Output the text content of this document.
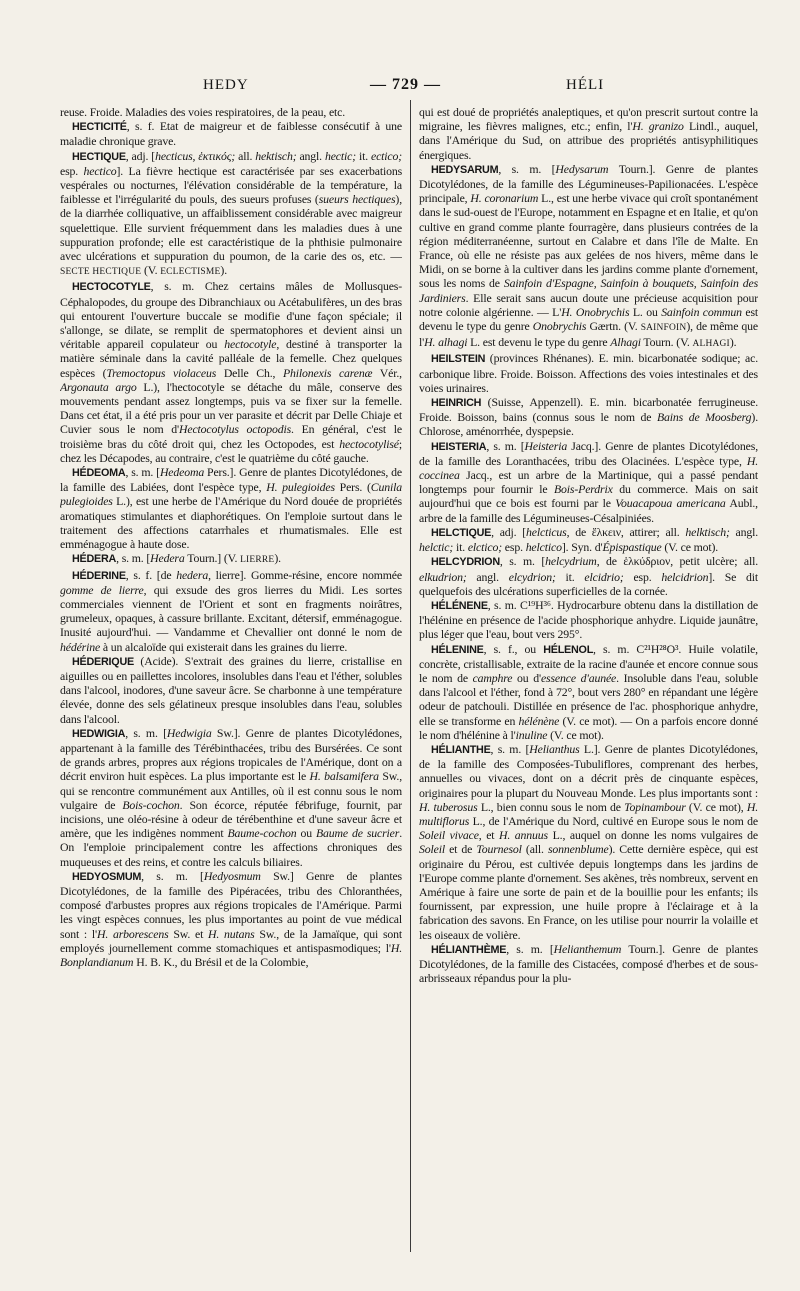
HEDY	— 729 —	HÉLI

reuse. Froide. Maladies des voies respiratoires, de la peau, etc.

HECTICITÉ, s. f. Etat de maigreur et de faiblesse consécutif à une maladie chronique grave.

HECTIQUE, adj. [hecticus, ἑκτικός; all. hektisch; angl. hectic; it. ectico; esp. hectico]. La fièvre hectique est caractérisée par ses exacerbations vespérales ou nocturnes, l'élévation considérable de la température, la faiblesse et l'irrégularité du pouls, des sueurs profuses (sueurs hectiques), de la diarrhée colliquative, un affaiblissement considérable avec maigreur squelettique. Elle survient fréquemment dans les maladies dues à une suppuration profonde; elle est caractéristique de la phthisie pulmonaire avec ulcérations et suppuration du poumon, de la carie des os, etc. — SECTE HECTIQUE (V. ECLECTISME).

HECTOCOTYLE, s. m. Chez certains mâles de Mollusques-Céphalopodes, du groupe des Dibranchiaux ou Acétabulifères, un des bras qui entourent l'ouverture buccale se modifie d'une façon spéciale; il s'allonge, se dilate, se remplit de spermatophores et devient ainsi un véritable appareil copulateur ou hectocotyle, destiné à transporter la matière séminale dans la cavité palléale de la femelle. Chez quelques espèces (Tremoctopus violaceus Delle Ch., Philonexis carenæ Vér., Argonauta argo L.), l'hectocotyle se détache du mâle, conserve des mouvements pendant assez longtemps, puis va se fixer sur la femelle. Dans cet état, il a été pris pour un ver parasite et décrit par Delle Chiaje et Cuvier sous le nom d'Hectocotylus octopodis. En général, c'est le troisième bras du côté droit qui, chez les Octopodes, est hectocotylisé; chez les Décapodes, au contraire, c'est le quatrième du côté gauche.

HÉDEOMA, s. m. [Hedeoma Pers.]. Genre de plantes Dicotylédones, de la famille des Labiées, dont l'espèce type, H. pulegioides Pers. (Cunila pulegioides L.), est une herbe de l'Amérique du Nord douée de propriétés aromatiques stimulantes et diaphorétiques. On l'emploie surtout dans le traitement des affections catarrhales et rhumatismales. Elle est emménagogue à haute dose.

HÉDERA, s. m. [Hedera Tourn.] (V. LIERRE).

HÉDERINE, s. f. [de hedera, lierre]. Gomme-résine, encore nommée gomme de lierre, qui exsude des gros lierres du Midi. Les sortes commerciales viennent de l'Orient et sont en fragments noirâtres, grumeleux, opaques, à cassure brillante. Excitant, détersif, emménagogue. Inusité aujourd'hui. — Vandamme et Chevallier ont donné le nom de hédérine à un alcaloïde qui existerait dans les graines du lierre.

HÉDERIQUE (Acide). S'extrait des graines du lierre, cristallise en aiguilles ou en paillettes incolores, insolubles dans l'eau et l'éther, solubles dans l'alcool, inodores, d'une saveur âcre. Se charbonne à une température élevée, donne des sels gélatineux presque insolubles dans l'eau, solubles dans l'alcool.

HEDWIGIA, s. m. [Hedwigia Sw.]. Genre de plantes Dicotylédones, appartenant à la famille des Térébinthacées, tribu des Bursérées. Ce sont de grands arbres, propres aux régions tropicales de l'Amérique, dont on a décrit environ huit espèces. La plus importante est le H. balsamifera Sw., qui se rencontre communément aux Antilles, où il est connu sous le nom vulgaire de Bois-cochon. Son écorce, réputée fébrifuge, fournit, par incisions, une oléo-résine à odeur de térébenthine et d'une saveur âcre et amère, que les indigènes nomment Baume-cochon ou Baume de sucrier. On l'emploie principalement contre les affections chroniques des muqueuses et des reins, et contre les calculs biliaires.

HEDYOSMUM, s. m. [Hedyosmum Sw.] Genre de plantes Dicotylédones, de la famille des Pipéracées, tribu des Chloranthées, composé d'arbustes propres aux régions tropicales de l'Amérique. Parmi les vingt espèces connues, les plus importantes au point de vue médical sont : l'H. arborescens Sw. et H. nutans Sw., de la Jamaïque, qui sont employés journellement comme stomachiques et antispasmodiques; l'H. Bonplandianum H. B. K., du Brésil et de la Colombie,

qui est doué de propriétés analeptiques, et qu'on prescrit surtout contre la migraine, les fièvres malignes, etc.; enfin, l'H. granizo Lindl., auquel, dans l'Amérique du Sud, on attribue des propriétés antisyphilitiques énergiques.

HEDYSARUM, s. m. [Hedysarum Tourn.]. Genre de plantes Dicotylédones, de la famille des Légumineuses-Papilionacées. L'espèce principale, H. coronarium L., est une herbe vivace qui croît spontanément dans le sud-ouest de l'Europe, notamment en Espagne et en Italie, et qu'on cultive en grand comme plante fourragère, dans plusieurs contrées de la région méditerranéenne, surtout en Calabre et dans l'île de Malte. En France, où elle ne résiste pas aux gelées de nos hivers, même dans le Midi, on se borne à la cultiver dans les jardins comme plante d'ornement, sous les noms de Sainfoin d'Espagne, Sainfoin à bouquets, Sainfoin des Jardiniers. Elle serait sans aucun doute une précieuse acquisition pour notre colonie algérienne. — L'H. Onobrychis L. ou Sainfoin commun est devenu le type du genre Onobrychis Gærtn. (V. SAINFOIN), de même que l'H. alhagi L. est devenu le type du genre Alhagi Tourn. (V. ALHAGI).

HEILSTEIN (provinces Rhénanes). E. min. bicarbonatée sodique; ac. carbonique libre. Froide. Boisson. Affections des voies intestinales et des voies urinaires.

HEINRICH (Suisse, Appenzell). E. min. bicarbonatée ferrugineuse. Froide. Boisson, bains (connus sous le nom de Bains de Moosberg). Chlorose, aménorrhée, dyspepsie.

HEISTERIA, s. m. [Heisteria Jacq.]. Genre de plantes Dicotylédones, de la famille des Loranthacées, tribu des Olacinées. L'espèce type, H. coccinea Jacq., est un arbre de la Martinique, qui a passé pendant longtemps pour fournir le Bois-Perdrix du commerce. Mais on sait aujourd'hui que ce bois est fourni par le Vouacapoua americana Aubl., arbre de la famille des Légumineuses-Césalpiniées.

HELCTIQUE, adj. [helcticus, de ἕλκειν, attirer; all. helktisch; angl. helctic; it. elctico; esp. helctico]. Syn. d'Épispastique (V. ce mot).

HELCYDRION, s. m. [helcydrium, de ἑλκύδριον, petit ulcère; all. elkudrion; angl. elcydrion; it. elcidrio; esp. helcidrion]. Se dit quelquefois des ulcérations superficielles de la cornée.

HÉLÉNENE, s. m. C¹⁹H³⁶. Hydrocarbure obtenu dans la distillation de l'hélénine en présence de l'acide phosphorique anhydre. Liquide jaunâtre, plus léger que l'eau, bout vers 295°.

HÉLENINE, s. f., ou HÉLENOL, s. m. C²¹H²⁸O³. Huile volatile, concrète, cristallisable, extraite de la racine d'aunée et encore connue sous le nom de camphre ou d'essence d'aunée. Insoluble dans l'eau, soluble dans l'alcool et l'éther, fond à 72°, bout vers 280° en répandant une légère odeur de patchouli. Distillée en présence de l'ac. phosphorique anhydre, elle se transforme en hélénène (V. ce mot). — On a parfois encore donné le nom d'hélénine à l'inuline (V. ce mot).

HÉLIANTHE, s. m. [Helianthus L.]. Genre de plantes Dicotylédones, de la famille des Composées-Tubuliflores, comprenant des herbes, annuelles ou vivaces, dont on a décrit près de cinquante espèces, originaires pour la plupart du Nouveau Monde. Les plus importants sont : H. tuberosus L., bien connu sous le nom de Topinambour (V. ce mot), H. multiflorus L., de l'Amérique du Nord, cultivé en Europe sous le nom de Soleil vivace, et H. annuus L., auquel on donne les noms vulgaires de Soleil et de Tournesol (all. sonnenblume). Cette dernière espèce, qui est originaire du Pérou, est cultivée depuis longtemps dans les jardins de l'Europe comme plante d'ornement. Ses akènes, très nombreux, servent en Amérique à faire une sorte de pain et de la bouillie pour les enfants; ils fournissent, par expression, une huile propre à l'éclairage et à la fabrication des savons. En France, on les utilise pour nourrir la volaille et les oiseaux de volière.

HÉLIANTHÈME, s. m. [Helianthemum Tourn.]. Genre de plantes Dicotylédones, de la famille des Cistacées, composé d'herbes et de sous-arbrisseaux répandus pour la plu-
